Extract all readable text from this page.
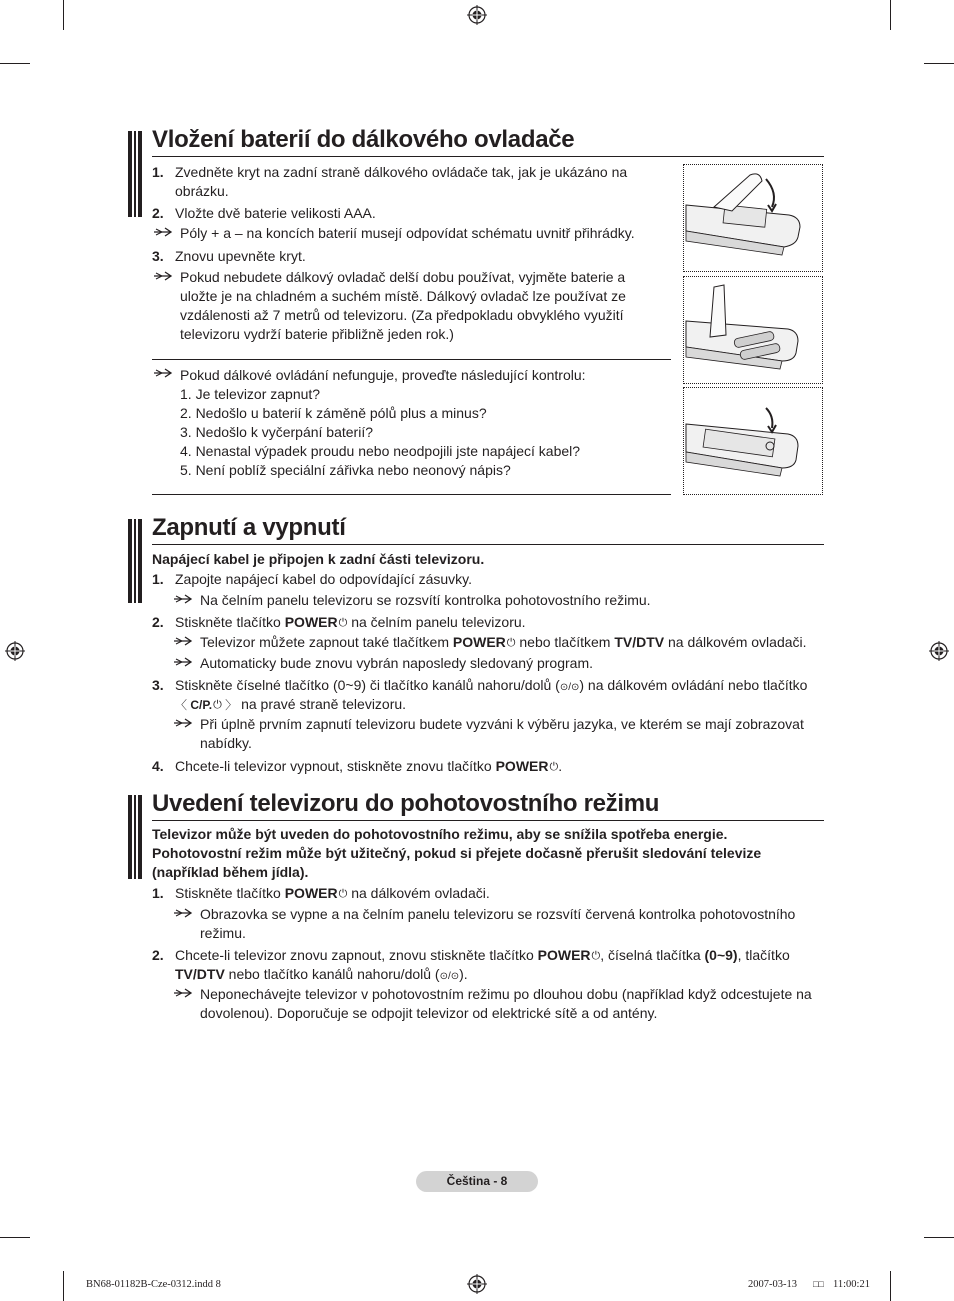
Vložení baterií do dálkového ovladače
1. Zvedněte kryt na zadní straně dálkového ovládače tak, jak je ukázáno na
obrázku.
2. Vložte dvě baterie velikosti AAA.
Póly + a – na koncích baterií musejí odpovídat schématu uvnitř přihrádky.
3. Znovu upevněte kryt.
Pokud nebudete dálkový ovladač delší dobu používat, vyjměte baterie a
uložte je na chladném a suchém místě. Dálkový ovladač lze používat ze
vzdálenosti až 7 metrů od televizoru. (Za předpokladu obvyklého využití
televizoru vydrží baterie přibližně jeden rok.)
Pokud dálkové ovládání nefunguje, proveďte následující kontrolu:
1. Je televizor zapnut?
2. Nedošlo u baterií k záměně pólů plus a minus?
3. Nedošlo k vyčerpání baterií?
4. Nenastal výpadek proudu nebo neodpojili jste napájecí kabel?
5. Není poblíž speciální zářivka nebo neonový nápis?
Zapnutí a vypnutí
Napájecí kabel je připojen k zadní části televizoru.
1. Zapojte napájecí kabel do odpovídající zásuvky.
Na čelním panelu televizoru se rozsvítí kontrolka pohotovostního režimu.
2. Stiskněte tlačítko POWER⏻ na čelním panelu televizoru.
Televizor můžete zapnout také tlačítkem POWER⏻ nebo tlačítkem TV/DTV na dálkovém ovladači.
Automaticky bude znovu vybrán naposledy sledovaný program.
3. Stiskněte číselné tlačítko (0~9) či tlačítko kanálů nahoru/dolů (⊙/⊙) na dálkovém ovládání nebo tlačítko
〈 C/P.⏻ 〉 na pravé straně televizoru.
Při úplně prvním zapnutí televizoru budete vyzváni k výběru jazyka, ve kterém se mají zobrazovat
nabídky.
4. Chcete-li televizor vypnout, stiskněte znovu tlačítko POWER⏻.
Uvedení televizoru do pohotovostního režimu
Televizor může být uveden do pohotovostního režimu, aby se snížila spotřeba energie.
Pohotovostní režim může být užitečný, pokud si přejete dočasně přerušit sledování televize
(například během jídla).
1. Stiskněte tlačítko POWER⏻ na dálkovém ovladači.
Obrazovka se vypne a na čelním panelu televizoru se rozsvítí červená kontrolka pohotovostního
režimu.
2. Chcete-li televizor znovu zapnout, znovu stiskněte tlačítko POWER⏻, číselná tlačítka (0~9), tlačítko
TV/DTV nebo tlačítko kanálů nahoru/dolů (⊙/⊙).
Neponechávejte televizor v pohotovostním režimu po dlouhou dobu (například když odcestujete na
dovolenou). Doporučuje se odpojit televizor od elektrické sítě a od antény.
Čeština - 8
BN68-01182B-Cze-0312.indd 8	2007-03-13 □□ 11:00:21
